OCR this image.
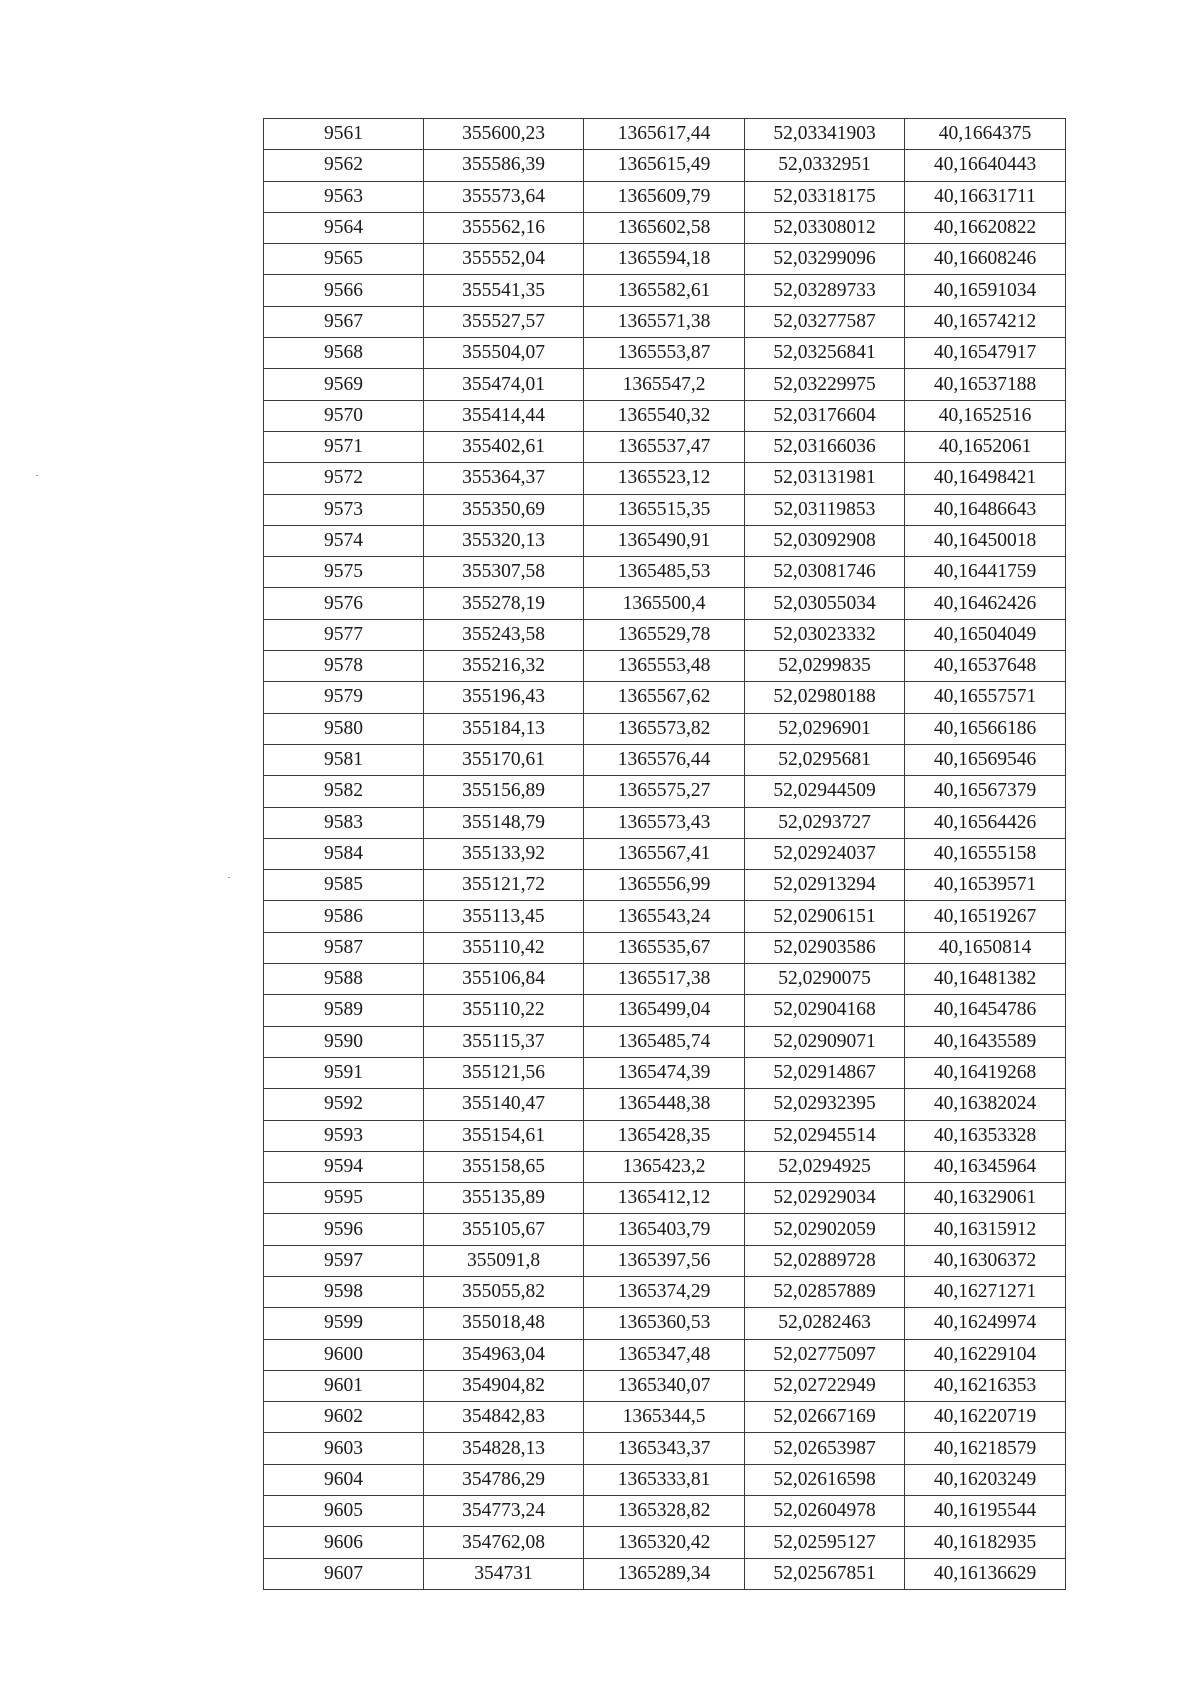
9561	355600,23	1365617,44	52,03341903	40,1664375
9562	355586,39	1365615,49	52,0332951	40,16640443
9563	355573,64	1365609,79	52,03318175	40,16631711
9564	355562,16	1365602,58	52,03308012	40,16620822
9565	355552,04	1365594,18	52,03299096	40,16608246
9566	355541,35	1365582,61	52,03289733	40,16591034
9567	355527,57	1365571,38	52,03277587	40,16574212
9568	355504,07	1365553,87	52,03256841	40,16547917
9569	355474,01	1365547,2	52,03229975	40,16537188
9570	355414,44	1365540,32	52,03176604	40,1652516
9571	355402,61	1365537,47	52,03166036	40,1652061
9572	355364,37	1365523,12	52,03131981	40,16498421
9573	355350,69	1365515,35	52,03119853	40,16486643
9574	355320,13	1365490,91	52,03092908	40,16450018
9575	355307,58	1365485,53	52,03081746	40,16441759
9576	355278,19	1365500,4	52,03055034	40,16462426
9577	355243,58	1365529,78	52,03023332	40,16504049
9578	355216,32	1365553,48	52,0299835	40,16537648
9579	355196,43	1365567,62	52,02980188	40,16557571
9580	355184,13	1365573,82	52,0296901	40,16566186
9581	355170,61	1365576,44	52,0295681	40,16569546
9582	355156,89	1365575,27	52,02944509	40,16567379
9583	355148,79	1365573,43	52,0293727	40,16564426
9584	355133,92	1365567,41	52,02924037	40,16555158
9585	355121,72	1365556,99	52,02913294	40,16539571
9586	355113,45	1365543,24	52,02906151	40,16519267
9587	355110,42	1365535,67	52,02903586	40,1650814
9588	355106,84	1365517,38	52,0290075	40,16481382
9589	355110,22	1365499,04	52,02904168	40,16454786
9590	355115,37	1365485,74	52,02909071	40,16435589
9591	355121,56	1365474,39	52,02914867	40,16419268
9592	355140,47	1365448,38	52,02932395	40,16382024
9593	355154,61	1365428,35	52,02945514	40,16353328
9594	355158,65	1365423,2	52,0294925	40,16345964
9595	355135,89	1365412,12	52,02929034	40,16329061
9596	355105,67	1365403,79	52,02902059	40,16315912
9597	355091,8	1365397,56	52,02889728	40,16306372
9598	355055,82	1365374,29	52,02857889	40,16271271
9599	355018,48	1365360,53	52,0282463	40,16249974
9600	354963,04	1365347,48	52,02775097	40,16229104
9601	354904,82	1365340,07	52,02722949	40,16216353
9602	354842,83	1365344,5	52,02667169	40,16220719
9603	354828,13	1365343,37	52,02653987	40,16218579
9604	354786,29	1365333,81	52,02616598	40,16203249
9605	354773,24	1365328,82	52,02604978	40,16195544
9606	354762,08	1365320,42	52,02595127	40,16182935
9607	354731	1365289,34	52,02567851	40,16136629
